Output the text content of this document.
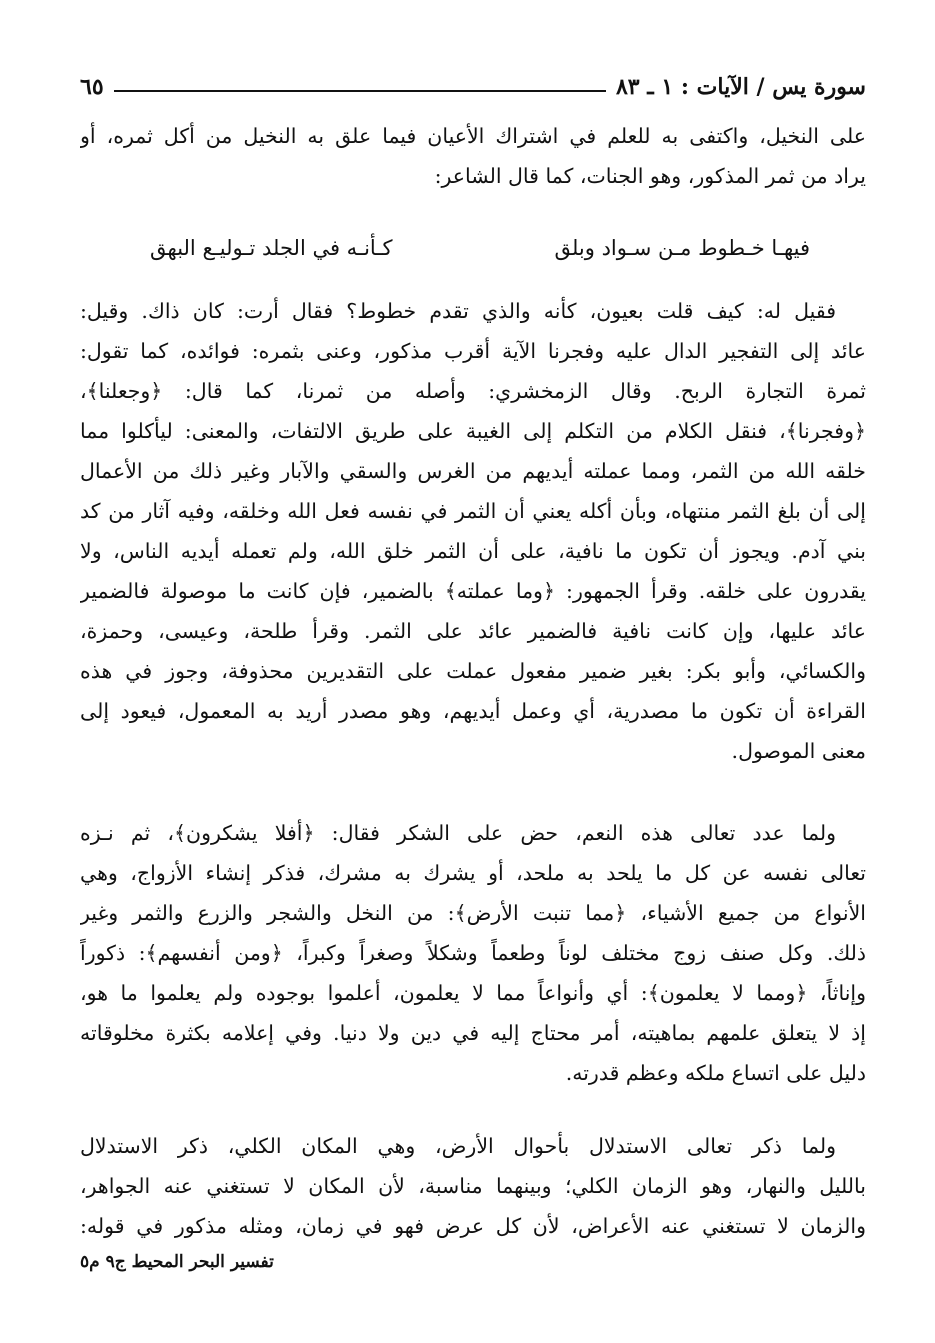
سورة يس / الآيات : ١ ـ ٨٣
٦٥
على النخيل، واكتفى به للعلم في اشتراك الأعيان فيما علق به النخيل من أكل ثمره، أو
يراد من ثمر المذكور، وهو الجنات، كما قال الشاعر:
فيهـا خـطوط مـن سـواد وبلق
كـأنـه في الجلد تـوليـع البهق
فقيل له: كيف قلت بعيون، كأنه والذي تقدم خطوط؟ فقال أرت: كان ذاك. وقيل:
عائد إلى التفجير الدال عليه وفجرنا الآية أقرب مذكور، وعنى بثمره: فوائده، كما تقول:
ثمرة التجارة الربح. وقال الزمخشري: وأصله من ثمرنا، كما قال: ﴿وجعلنا﴾،
﴿وفجرنا﴾، فنقل الكلام من التكلم إلى الغيبة على طريق الالتفات، والمعنى: ليأكلوا مما
خلقه الله من الثمر، ومما عملته أيديهم من الغرس والسقي والآبار وغير ذلك من الأعمال
إلى أن بلغ الثمر منتهاه، وبأن أكله يعني أن الثمر في نفسه فعل الله وخلقه، وفيه آثار من كد
بني آدم. ويجوز أن تكون ما نافية، على أن الثمر خلق الله، ولم تعمله أيديه الناس، ولا
يقدرون على خلقه. وقرأ الجمهور: ﴿وما عملته﴾ بالضمير، فإن كانت ما موصولة فالضمير
عائد عليها، وإن كانت نافية فالضمير عائد على الثمر. وقرأ طلحة، وعيسى، وحمزة،
والكسائي، وأبو بكر: بغير ضمير مفعول عملت على التقديرين محذوفة، وجوز في هذه
القراءة أن تكون ما مصدرية، أي وعمل أيديهم، وهو مصدر أريد به المعمول، فيعود إلى
معنى الموصول.
ولما عدد تعالى هذه النعم، حض على الشكر فقال: ﴿أفلا يشكرون﴾، ثم نـزه
تعالى نفسه عن كل ما يلحد به ملحد، أو يشرك به مشرك، فذكر إنشاء الأزواج، وهي
الأنواع من جميع الأشياء، ﴿مما تنبت الأرض﴾: من النخل والشجر والزرع والثمر وغير
ذلك. وكل صنف زوج مختلف لوناً وطعماً وشكلاً وصغراً وكبراً، ﴿ومن أنفسهم﴾: ذكوراً
وإناثاً، ﴿ومما لا يعلمون﴾: أي وأنواعاً مما لا يعلمون، أعلموا بوجوده ولم يعلموا ما هو،
إذ لا يتعلق علمهم بماهيته، أمر محتاج إليه في دين ولا دنيا. وفي إعلامه بكثرة مخلوقاته
دليل على اتساع ملكه وعظم قدرته.
ولما ذكر تعالى الاستدلال بأحوال الأرض، وهي المكان الكلي، ذكر الاستدلال
بالليل والنهار، وهو الزمان الكلي؛ وبينهما مناسبة، لأن المكان لا تستغني عنه الجواهر،
والزمان لا تستغني عنه الأعراض، لأن كل عرض فهو في زمان، ومثله مذكور في قوله:
تفسير البحر المحيط ج٩ م٥
